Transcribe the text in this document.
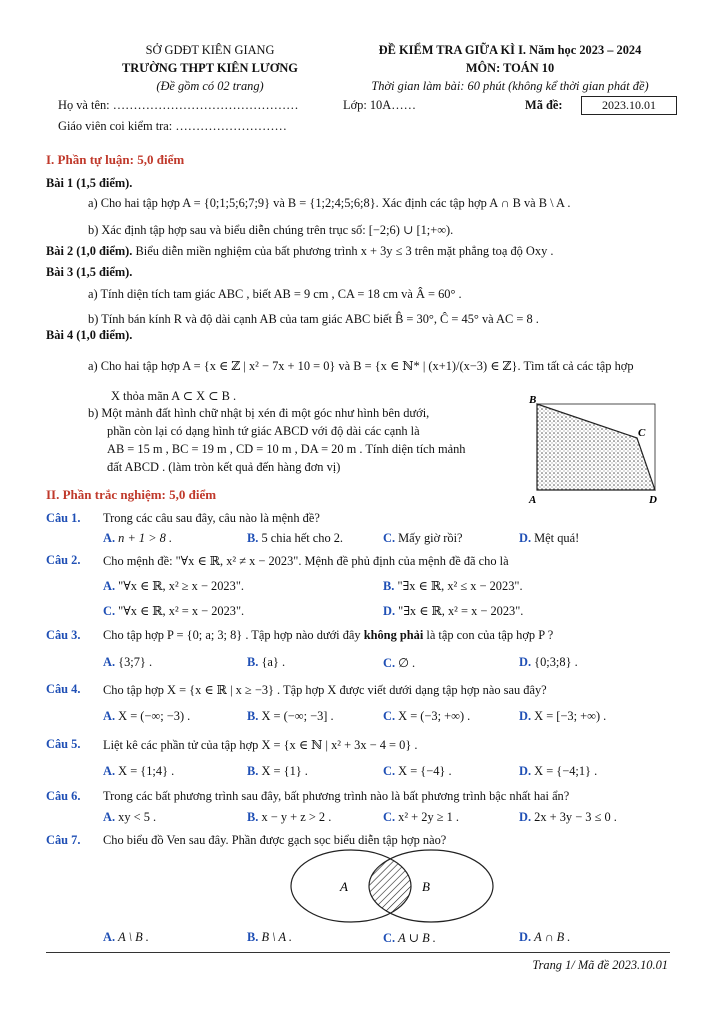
SỞ GDĐT KIÊN GIANG
TRƯỜNG THPT KIÊN LƯƠNG
(Đề gồm có 02 trang)
ĐỀ KIỂM TRA GIỮA KÌ I. Năm học 2023 – 2024
MÔN: TOÁN 10
Thời gian làm bài: 60 phút (không kể thời gian phát đề)
Họ và tên: ………………………………………	Lớp: 10A……	Mã đề:	2023.10.01
Giáo viên coi kiểm tra: ………………………
I. Phần tự luận: 5,0 điểm
Bài 1 (1,5 điểm).
a) Cho hai tập hợp A = {0;1;5;6;7;9} và B = {1;2;4;5;6;8}. Xác định các tập hợp A ∩ B và B \ A .
b) Xác định tập hợp sau và biểu diễn chúng trên trục số: [−2;6) ∪ [1;+∞).
Bài 2 (1,0 điểm). Biểu diễn miền nghiệm của bất phương trình x + 3y ≤ 3 trên mặt phẳng toạ độ Oxy .
Bài 3 (1,5 điểm).
a) Tính diện tích tam giác ABC , biết AB = 9 cm , CA = 18 cm và Â = 60° .
b) Tính bán kính R và độ dài cạnh AB của tam giác ABC biết B̂ = 30°, Ĉ = 45° và AC = 8 .
Bài 4 (1,0 điểm).
a) Cho hai tập hợp A = {x ∈ ℤ | x² − 7x + 10 = 0} và B = {x ∈ ℕ* | (x+1)/(x−3) ∈ ℤ}. Tìm tất cả các tập hợp
X thỏa mãn A ⊂ X ⊂ B .
b) Một mảnh đất hình chữ nhật bị xén đi một góc như hình bên dưới,
phần còn lại có dạng hình tứ giác ABCD với độ dài các cạnh là
AB = 15 m , BC = 19 m , CD = 10 m , DA = 20 m . Tính diện tích mảnh
đất ABCD . (làm tròn kết quả đến hàng đơn vị)
B
C
A	D
II. Phần trắc nghiệm: 5,0 điểm
Câu 1. Trong các câu sau đây, câu nào là mệnh đề?
A. n + 1 > 8 .	B. 5 chia hết cho 2.	C. Mấy giờ rồi?	D. Mệt quá!
Câu 2. Cho mệnh đề: "∀x ∈ ℝ, x² ≠ x − 2023". Mệnh đề phủ định của mệnh đề đã cho là
A. "∀x ∈ ℝ, x² ≥ x − 2023".	B. "∃x ∈ ℝ, x² ≤ x − 2023".
C. "∀x ∈ ℝ, x² = x − 2023".	D. "∃x ∈ ℝ, x² = x − 2023".
Câu 3. Cho tập hợp P = {0; a; 3; 8} . Tập hợp nào dưới đây không phải là tập con của tập hợp P ?
A. {3;7} .	B. {a} .	C. ∅ .	D. {0;3;8} .
Câu 4. Cho tập hợp X = {x ∈ ℝ | x ≥ −3} . Tập hợp X được viết dưới dạng tập hợp nào sau đây?
A. X = (−∞; −3) .	B. X = (−∞; −3] .	C. X = (−3; +∞) .	D. X = [−3; +∞) .
Câu 5. Liệt kê các phần tử của tập hợp X = {x ∈ ℕ | x² + 3x − 4 = 0} .
A. X = {1;4} .	B. X = {1} .	C. X = {−4} .	D. X = {−4;1} .
Câu 6. Trong các bất phương trình sau đây, bất phương trình nào là bất phương trình bậc nhất hai ẩn?
A. xy < 5 .	B. x − y + z > 2 .	C. x² + 2y ≥ 1 .	D. 2x + 3y − 3 ≤ 0 .
Câu 7. Cho biểu đồ Ven sau đây. Phần được gạch sọc biểu diễn tập hợp nào?
A	B
A. A \ B .	B. B \ A .	C. A ∪ B .	D. A ∩ B .
Trang 1/ Mã đề 2023.10.01
